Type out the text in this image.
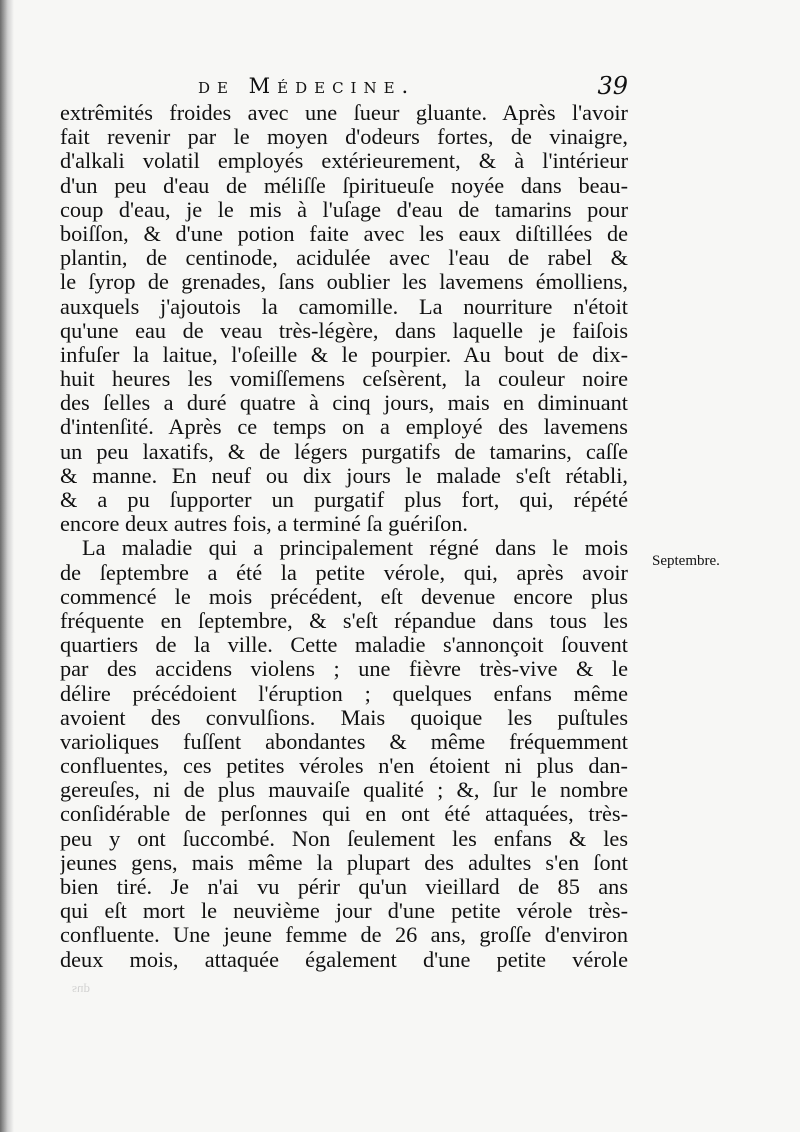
de Médecine.	39
extrêmités froides avec une ſueur gluante. Après l'avoir
fait revenir par le moyen d'odeurs fortes, de vinaigre,
d'alkali volatil employés extérieurement, & à l'intérieur
d'un peu d'eau de méliſſe ſpiritueuſe noyée dans beau-
coup d'eau, je le mis à l'uſage d'eau de tamarins pour
boiſſon, & d'une potion faite avec les eaux diſtillées de
plantin, de centinode, acidulée avec l'eau de rabel &
le ſyrop de grenades, ſans oublier les lavemens émolliens,
auxquels j'ajoutois la camomille. La nourriture n'étoit
qu'une eau de veau très-légère, dans laquelle je faiſois
infuſer la laitue, l'oſeille & le pourpier. Au bout de dix-
huit heures les vomiſſemens ceſsèrent, la couleur noire
des ſelles a duré quatre à cinq jours, mais en diminuant
d'intenſité. Après ce temps on a employé des lavemens
un peu laxatifs, & de légers purgatifs de tamarins, caſſe
& manne. En neuf ou dix jours le malade s'eſt rétabli,
& a pu ſupporter un purgatif plus fort, qui, répété
encore deux autres fois, a terminé ſa guériſon.
La maladie qui a principalement régné dans le mois
de ſeptembre a été la petite vérole, qui, après avoir
commencé le mois précédent, eſt devenue encore plus
fréquente en ſeptembre, & s'eſt répandue dans tous les
quartiers de la ville. Cette maladie s'annonçoit ſouvent
par des accidens violens ; une fièvre très-vive & le
délire précédoient l'éruption ; quelques enfans même
avoient des convulſions. Mais quoique les puſtules
varioliques fuſſent abondantes & même fréquemment
confluentes, ces petites véroles n'en étoient ni plus dan-
gereuſes, ni de plus mauvaiſe qualité ; &, ſur le nombre
conſidérable de perſonnes qui en ont été attaquées, très-
peu y ont ſuccombé. Non ſeulement les enfans & les
jeunes gens, mais même la plupart des adultes s'en ſont
bien tiré. Je n'ai vu périr qu'un vieillard de 85 ans
qui eſt mort le neuvième jour d'une petite vérole très-
confluente. Une jeune femme de 26 ans, groſſe d'environ
deux mois, attaquée également d'une petite vérole
Septembre.
sup
